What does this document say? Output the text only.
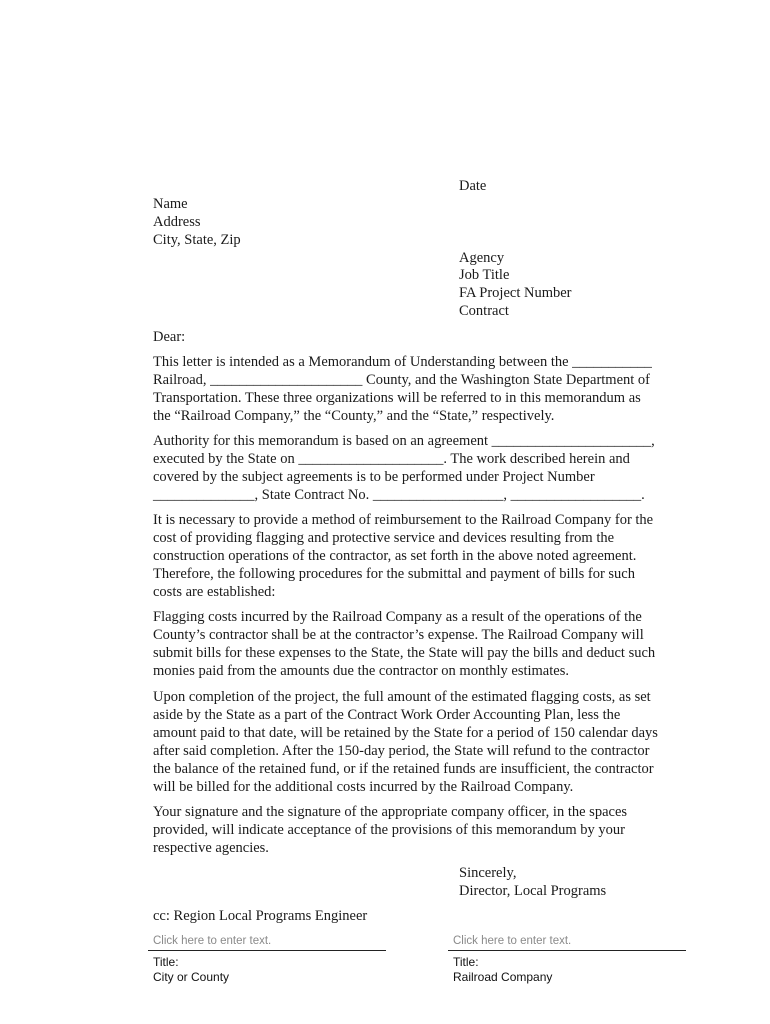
Date
Name
Address
City, State, Zip
Agency
Job Title
FA Project Number
Contract
Dear:
This letter is intended as a Memorandum of Understanding between the ___________
Railroad, _____________________ County, and the Washington State Department of
Transportation. These three organizations will be referred to in this memorandum as
the “Railroad Company,” the “County,” and the “State,” respectively.
Authority for this memorandum is based on an agreement ______________________,
executed by the State on ____________________. The work described herein and
covered by the subject agreements is to be performed under Project Number
______________, State Contract No. __________________, __________________.
It is necessary to provide a method of reimbursement to the Railroad Company for the
cost of providing flagging and protective service and devices resulting from the
construction operations of the contractor, as set forth in the above noted agreement.
Therefore, the following procedures for the submittal and payment of bills for such
costs are established:
Flagging costs incurred by the Railroad Company as a result of the operations of the
County’s contractor shall be at the contractor’s expense. The Railroad Company will
submit bills for these expenses to the State, the State will pay the bills and deduct such
monies paid from the amounts due the contractor on monthly estimates.
Upon completion of the project, the full amount of the estimated flagging costs, as set
aside by the State as a part of the Contract Work Order Accounting Plan, less the
amount paid to that date, will be retained by the State for a period of 150 calendar days
after said completion. After the 150-day period, the State will refund to the contractor
the balance of the retained fund, or if the retained funds are insufficient, the contractor
will be billed for the additional costs incurred by the Railroad Company.
Your signature and the signature of the appropriate company officer, in the spaces
provided, will indicate acceptance of the provisions of this memorandum by your
respective agencies.
Sincerely,
Director, Local Programs
cc: Region Local Programs Engineer
Click here to enter text.
Title:
City or County
Click here to enter text.
Title:
Railroad Company
